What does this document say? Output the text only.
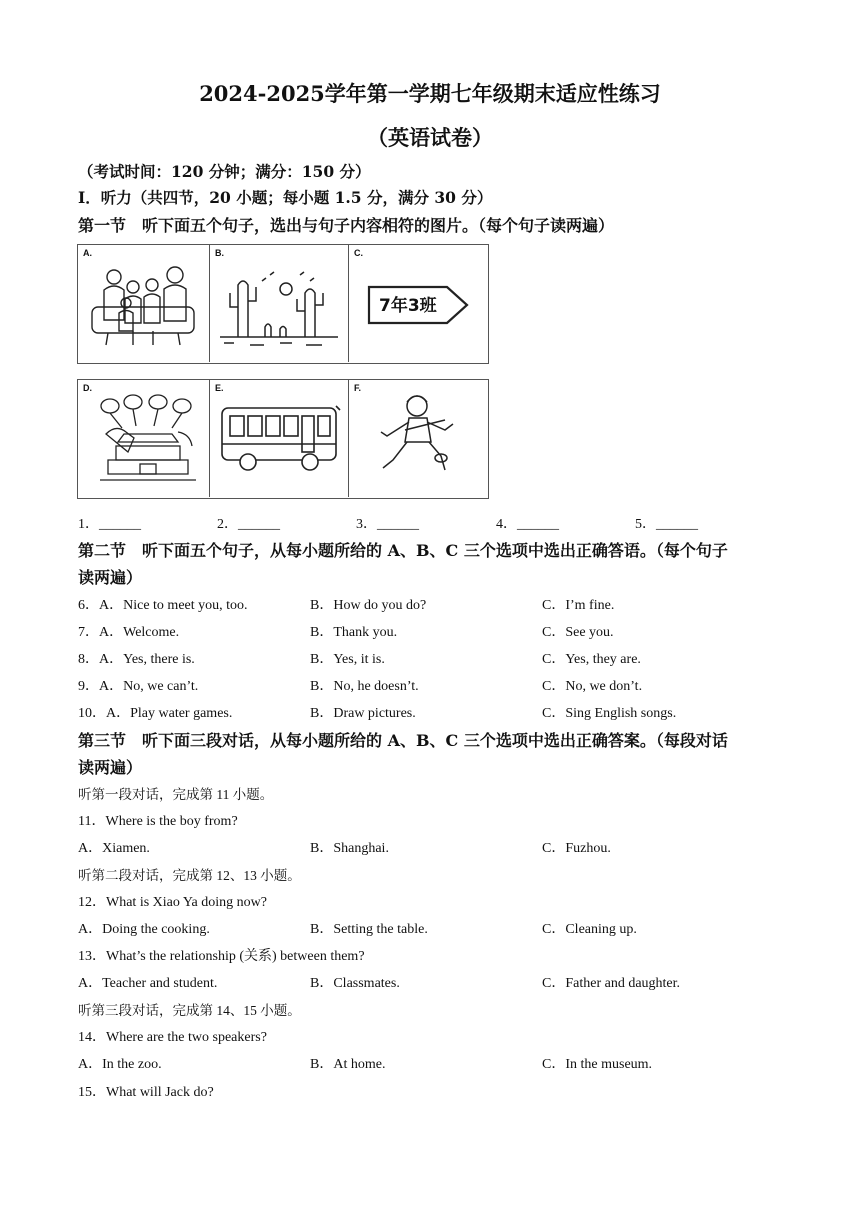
2024-2025学年第一学期七年级期末适应性练习
（英语试卷）
（考试时间：120 分钟；满分：150 分）
Ⅰ．听力（共四节，20 小题；每小题 1.5 分，满分 30 分）
第一节　听下面五个句子，选出与句子内容相符的图片。（每个句子读两遍）
A.	B.	C.
7年3班
D.	E.	F.
1．______	2．______	3．______	4．______	5．______
第二节　听下面五个句子，从每小题所给的 A、B、C 三个选项中选出正确答语。（每个句子
读两遍）
6．A．Nice to meet you, too.	B．How do you do?	C．I’m fine.
7．A．Welcome.	B．Thank you.	C．See you.
8．A．Yes, there is.	B．Yes, it is.	C．Yes, they are.
9．A．No, we can’t.	B．No, he doesn’t.	C．No, we don’t.
10．A．Play water games.	B．Draw pictures.	C．Sing English songs.
第三节　听下面三段对话，从每小题所给的 A、B、C 三个选项中选出正确答案。（每段对话
读两遍）
听第一段对话，完成第 11 小题。
11．Where is the boy from?
A．Xiamen.	B．Shanghai.	C．Fuzhou.
听第二段对话，完成第 12、13 小题。
12．What is Xiao Ya doing now?
A．Doing the cooking.	B．Setting the table.	C．Cleaning up.
13．What’s the relationship (关系) between them?
A．Teacher and student.	B．Classmates.	C．Father and daughter.
听第三段对话，完成第 14、15 小题。
14．Where are the two speakers?
A．In the zoo.	B．At home.	C．In the museum.
15．What will Jack do?
